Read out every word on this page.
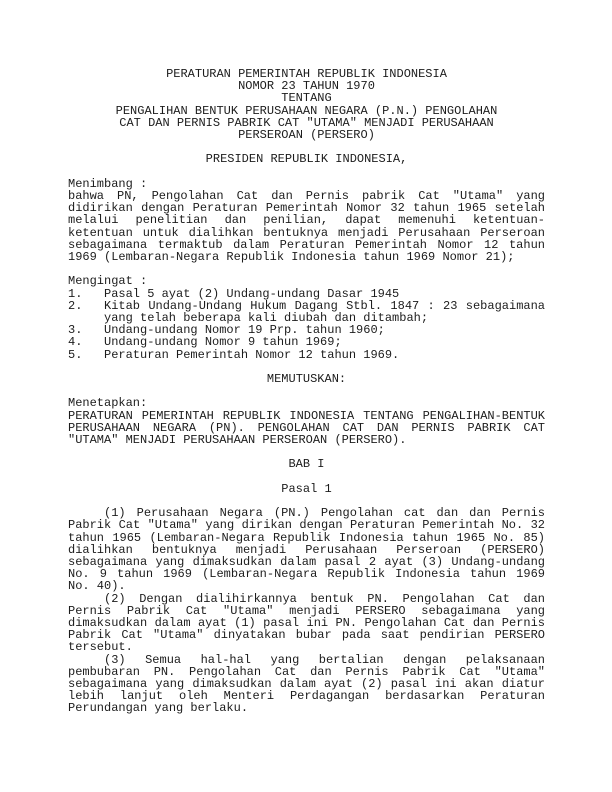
PERATURAN PEMERINTAH REPUBLIK INDONESIA
NOMOR 23 TAHUN 1970
TENTANG
PENGALIHAN BENTUK PERUSAHAAN NEGARA (P.N.) PENGOLAHAN
CAT DAN PERNIS PABRIK CAT "UTAMA" MENJADI PERUSAHAAN
PERSEROAN (PERSERO)
PRESIDEN REPUBLIK INDONESIA,
Menimbang :

bahwa PN, Pengolahan Cat dan Pernis pabrik Cat "Utama" yang didirikan dengan Peraturan Pemerintah Nomor 32 tahun 1965 setelah melalui penelitian dan penilian, dapat memenuhi ketentuan-ketentuan untuk dialihkan bentuknya menjadi Perusahaan Perseroan sebagaimana termaktub dalam Peraturan Pemerintah Nomor 12 tahun 1969 (Lembaran-Negara Republik Indonesia tahun 1969 Nomor 21);

Mengingat :
1.	Pasal 5 ayat (2) Undang-undang Dasar 1945
2.	Kitab Undang-Undang Hukum Dagang Stbl. 1847 : 23 sebagaimana yang telah beberapa kali diubah dan ditambah;
3.	Undang-undang Nomor 19 Prp. tahun 1960;
4.	Undang-undang Nomor 9 tahun 1969;
5.	Peraturan Pemerintah Nomor 12 tahun 1969.
MEMUTUSKAN:
Menetapkan:

PERATURAN PEMERINTAH REPUBLIK INDONESIA TENTANG PENGALIHAN-BENTUK PERUSAHAAN NEGARA (PN). PENGOLAHAN CAT DAN PERNIS PABRIK CAT "UTAMA" MENJADI PERUSAHAAN PERSEROAN (PERSERO).

BAB I
Pasal 1

(1) Perusahaan Negara (PN.) Pengolahan cat dan dan Pernis Pabrik Cat "Utama" yang dirikan dengan Peraturan Pemerintah No. 32 tahun 1965 (Lembaran-Negara Republik Indonesia tahun 1965 No. 85) dialihkan bentuknya menjadi Perusahaan Perseroan (PERSERO) sebagaimana yang dimaksudkan dalam pasal 2 ayat (3) Undang-undang No. 9 tahun 1969 (Lembaran-Negara Republik Indonesia tahun 1969 No. 40).

(2) Dengan dialihirkannya bentuk PN. Pengolahan Cat dan Pernis Pabrik Cat "Utama" menjadi PERSERO sebagaimana yang dimaksudkan dalam ayat (1) pasal ini PN. Pengolahan Cat dan Pernis Pabrik Cat "Utama" dinyatakan bubar pada saat pendirian PERSERO tersebut.

(3) Semua hal-hal yang bertalian dengan pelaksanaan pembubaran PN. Pengolahan Cat dan Pernis Pabrik Cat "Utama" sebagaimana yang dimaksudkan dalam ayat (2) pasal ini akan diatur lebih lanjut oleh Menteri Perdagangan berdasarkan Peraturan Perundangan yang berlaku.
